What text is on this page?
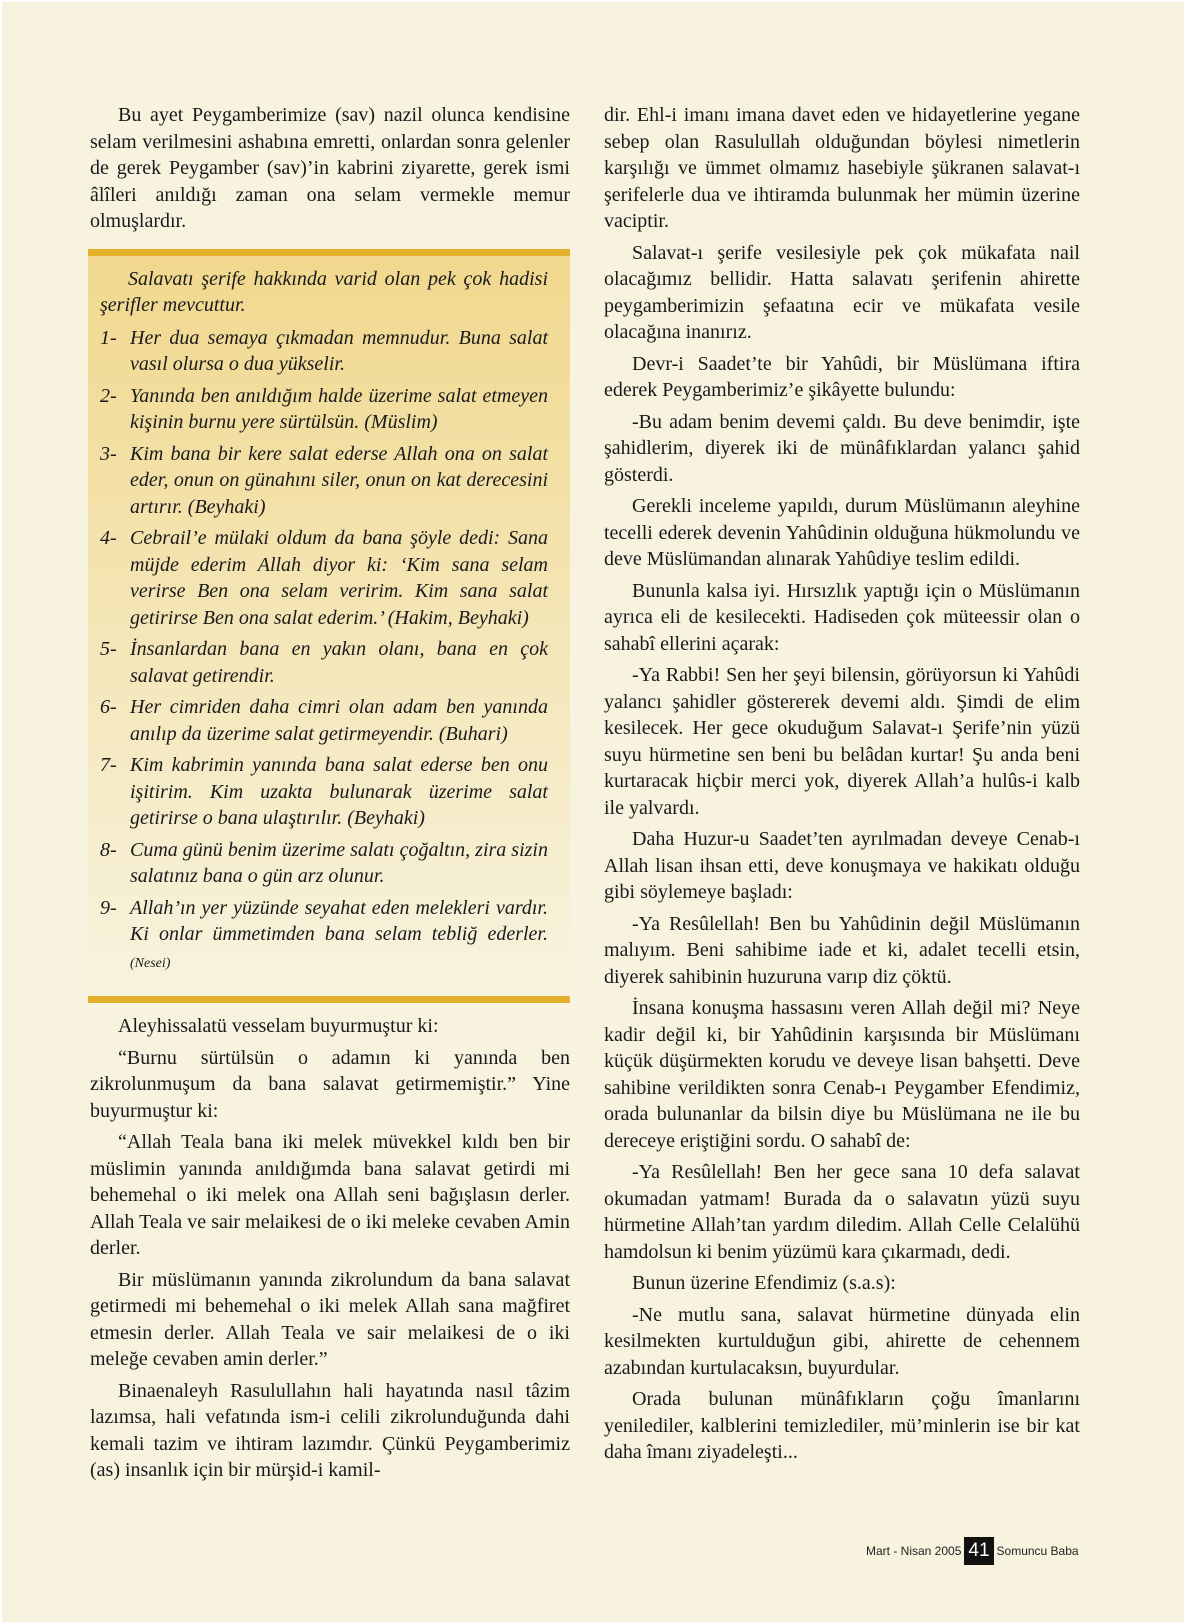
Bu ayet Peygamberimize (sav) nazil olunca kendisine selam verilmesini ashabına emretti, onlardan sonra gelenler de gerek Peygamber (sav)’in kabrini ziyarette, gerek ismi âlîleri anıldığı zaman ona selam vermekle memur olmuşlardır.

Salavatı şerife hakkında varid olan pek çok hadisi şerifler mevcuttur.

1- Her dua semaya çıkmadan memnudur. Buna salat vasıl olursa o dua yükselir.
2- Yanında ben anıldığım halde üzerime salat etmeyen kişinin burnu yere sürtülsün. (Müslim)
3- Kim bana bir kere salat ederse Allah ona on salat eder, onun on günahını siler, onun on kat derecesini artırır. (Beyhaki)
4- Cebrail’e mülaki oldum da bana şöyle dedi: Sana müjde ederim Allah diyor ki: ‘Kim sana selam verirse Ben ona selam veririm. Kim sana salat getirirse Ben ona salat ederim.’ (Hakim, Beyhaki)
5- İnsanlardan bana en yakın olanı, bana en çok salavat getirendir.
6- Her cimriden daha cimri olan adam ben yanında anılıp da üzerime salat getirmeyendir. (Buhari)
7- Kim kabrimin yanında bana salat ederse ben onu işitirim. Kim uzakta bulunarak üzerime salat getirirse o bana ulaştırılır. (Beyhaki)
8- Cuma günü benim üzerime salatı çoğaltın, zira sizin salatınız bana o gün arz olunur.
9- Allah’ın yer yüzünde seyahat eden melekleri vardır. Ki onlar ümmetimden bana selam tebliğ ederler. (Nesei)

Aleyhissalatü vesselam buyurmuştur ki:

“Burnu sürtülsün o adamın ki yanında ben zikrolunmuşum da bana salavat getirmemiştir.” Yine buyurmuştur ki:

“Allah Teala bana iki melek müvekkel kıldı ben bir müslimin yanında anıldığımda bana salavat getirdi mi behemehal o iki melek ona Allah seni bağışlasın derler. Allah Teala ve sair melaikesi de o iki meleke cevaben Amin derler.

Bir müslümanın yanında zikrolundum da bana salavat getirmedi mi behemehal o iki melek Allah sana mağfiret etmesin derler. Allah Teala ve sair melaikesi de o iki meleğe cevaben amin derler.”

Binaenaleyh Rasulullahın hali hayatında nasıl tâzim lazımsa, hali vefatında ism-i celili zikrolunduğunda dahi kemali tazim ve ihtiram lazımdır. Çünkü Peygamberimiz (as) insanlık için bir mürşid-i kamil-

dir. Ehl-i imanı imana davet eden ve hidayetlerine yegane sebep olan Rasulullah olduğundan böylesi nimetlerin karşılığı ve ümmet olmamız hasebiyle şükranen salavat-ı şerifelerle dua ve ihtiramda bulunmak her mümin üzerine vaciptir.

Salavat-ı şerife vesilesiyle pek çok mükafata nail olacağımız bellidir. Hatta salavatı şerifenin ahirette peygamberimizin şefaatına ecir ve mükafata vesile olacağına inanırız.

Devr-i Saadet’te bir Yahûdi, bir Müslümana iftira ederek Peygamberimiz’e şikâyette bulundu:

-Bu adam benim devemi çaldı. Bu deve benimdir, işte şahidlerim, diyerek iki de münâfıklardan yalancı şahid gösterdi.

Gerekli inceleme yapıldı, durum Müslümanın aleyhine tecelli ederek devenin Yahûdinin olduğuna hükmolundu ve deve Müslümandan alınarak Yahûdiye teslim edildi.

Bununla kalsa iyi. Hırsızlık yaptığı için o Müslümanın ayrıca eli de kesilecekti. Hadiseden çok müteessir olan o sahabî ellerini açarak:

-Ya Rabbi! Sen her şeyi bilensin, görüyorsun ki Yahûdi yalancı şahidler göstererek devemi aldı. Şimdi de elim kesilecek. Her gece okuduğum Salavat-ı Şerife’nin yüzü suyu hürmetine sen beni bu belâdan kurtar! Şu anda beni kurtaracak hiçbir merci yok, diyerek Allah’a hulûs-i kalb ile yalvardı.

Daha Huzur-u Saadet’ten ayrılmadan deveye Cenab-ı Allah lisan ihsan etti, deve konuşmaya ve hakikatı olduğu gibi söylemeye başladı:

-Ya Resûlellah! Ben bu Yahûdinin değil Müslümanın malıyım. Beni sahibime iade et ki, adalet tecelli etsin, diyerek sahibinin huzuruna varıp diz çöktü.

İnsana konuşma hassasını veren Allah değil mi? Neye kadir değil ki, bir Yahûdinin karşısında bir Müslümanı küçük düşürmekten korudu ve deveye lisan bahşetti. Deve sahibine verildikten sonra Cenab-ı Peygamber Efendimiz, orada bulunanlar da bilsin diye bu Müslümana ne ile bu dereceye eriştiğini sordu. O sahabî de:

-Ya Resûlellah! Ben her gece sana 10 defa salavat okumadan yatmam! Burada da o salavatın yüzü suyu hürmetine Allah’tan yardım diledim. Allah Celle Celalühü hamdolsun ki benim yüzümü kara çıkarmadı, dedi.

Bunun üzerine Efendimiz (s.a.s):

-Ne mutlu sana, salavat hürmetine dünyada elin kesilmekten kurtulduğun gibi, ahirette de cehennem azabından kurtulacaksın, buyurdular.

Orada bulunan münâfıkların çoğu îmanlarını yenilediler, kalblerini temizlediler, mü’minlerin ise bir kat daha îmanı ziyadeleşti...

Mart - Nisan 2005 41 Somuncu Baba
